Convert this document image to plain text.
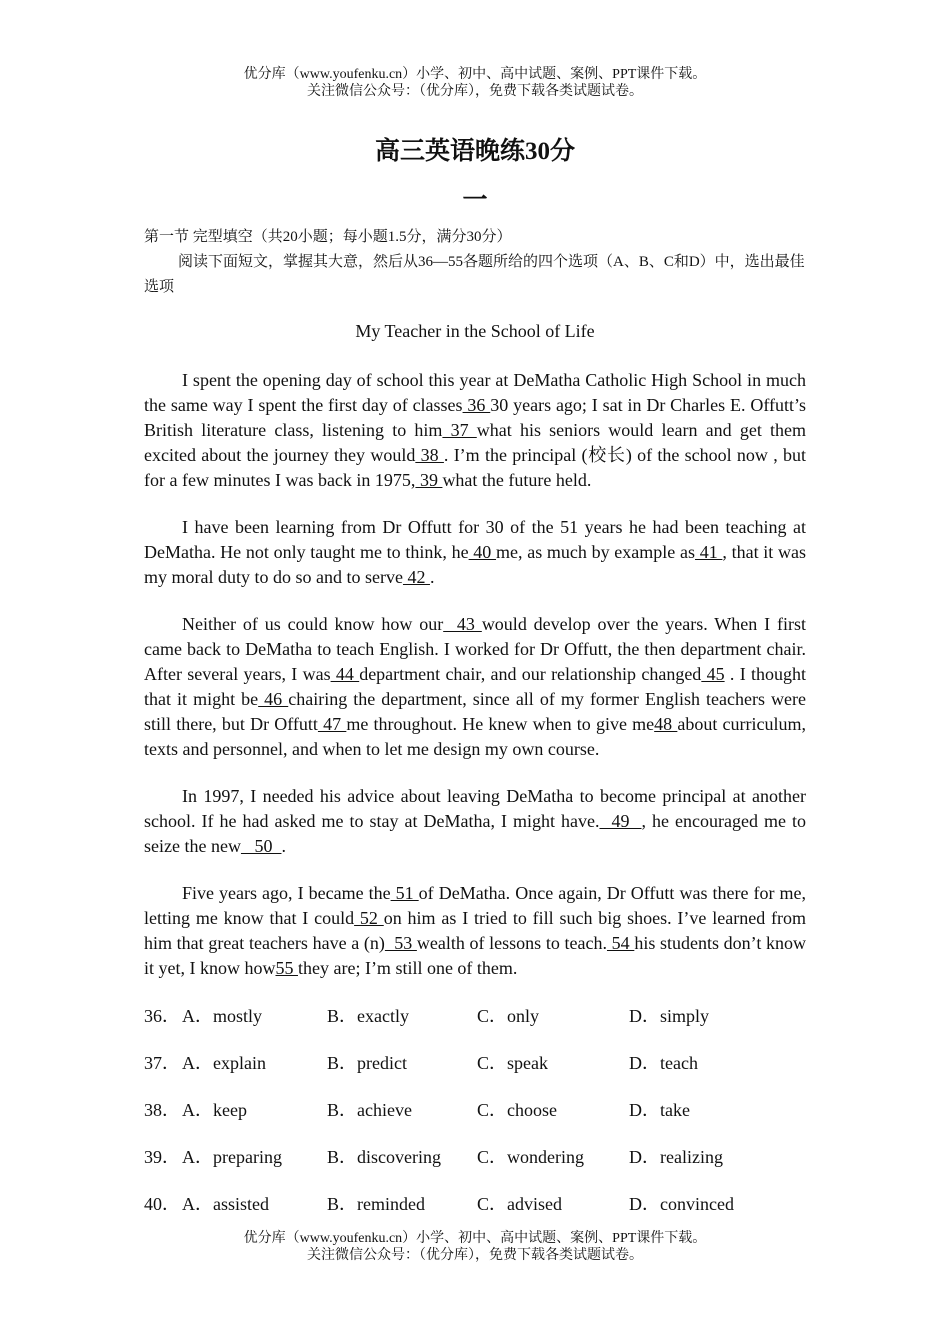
优分库（www.youfenku.cn）小学、初中、高中试题、案例、PPT课件下载。
关注微信公众号：（优分库），免费下载各类试题试卷。
高三英语晚练30分
一
第一节 完型填空（共20小题；每小题1.5分，满分30分）
阅读下面短文，掌握其大意，然后从36—55各题所给的四个选项（A、B、C和D）中，选出最佳选项
My Teacher in the School of Life

I spent the opening day of school this year at DeMatha Catholic High School in much the same way I spent the first day of classes 36 30 years ago; I sat in Dr Charles E. Offutt’s British literature class, listening to him 37 what his seniors would learn and get them excited about the journey they would 38 . I’m the principal (校长) of the school now , but for a few minutes I was back in 1975, 39 what the future held.

I have been learning from Dr Offutt for 30 of the 51 years he had been teaching at DeMatha. He not only taught me to think, he 40 me, as much by example as 41 , that it was my moral duty to do so and to serve 42 .

Neither of us could know how our  43 would develop over the years. When I first came back to DeMatha to teach English. I worked for Dr Offutt, the then department chair. After several years, I was 44 department chair, and our relationship changed 45 . I thought that it might be 46 chairing the department, since all of my former English teachers were still there, but Dr Offutt 47 me throughout. He knew when to give me48 about curriculum, texts and personnel, and when to let me design my own course.

In 1997, I needed his advice about leaving DeMatha to become principal at another school. If he had asked me to stay at DeMatha, I might have.  49  , he encouraged me to seize the new   50  .

Five years ago, I became the 51 of DeMatha. Once again, Dr Offutt was there for me, letting me know that I could 52 on him as I tried to fill such big shoes. I’ve learned from him that great teachers have a (n)  53 wealth of lessons to teach. 54 his students don’t know it yet, I know how55 they are; I’m still one of them.

36． A．mostly	B．exactly	C．only	D．simply
37． A．explain	B．predict	C．speak	D．teach
38． A．keep	B．achieve	C．choose	D．take
39． A．preparing	B．discovering C．wondering	D．realizing
40． A．assisted	B．reminded	C．advised	D．convinced
优分库（www.youfenku.cn）小学、初中、高中试题、案例、PPT课件下载。
关注微信公众号：（优分库），免费下载各类试题试卷。
